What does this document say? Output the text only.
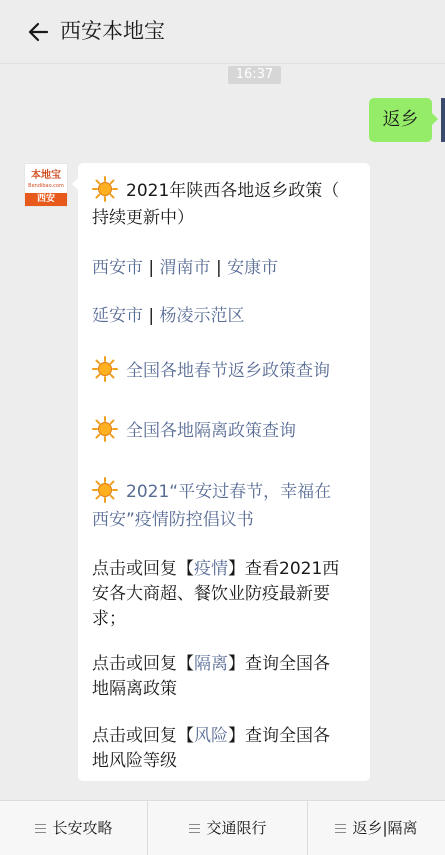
西安本地宝
16:37
返乡
本地宝
Bendibao.com
西安	2021年陕西各地返乡政策（
持续更新中）
西安市 | 渭南市 | 安康市
延安市 | 杨凌示范区
全国各地春节返乡政策查询
全国各地隔离政策查询
2021“平安过春节，幸福在
西安”疫情防控倡议书
点击或回复【疫情】查看2021西
安各大商超、餐饮业防疫最新要
求；
点击或回复【隔离】查询全国各
地隔离政策
点击或回复【风险】查询全国各
地风险等级
长安攻略	交通限行	返乡|隔离
